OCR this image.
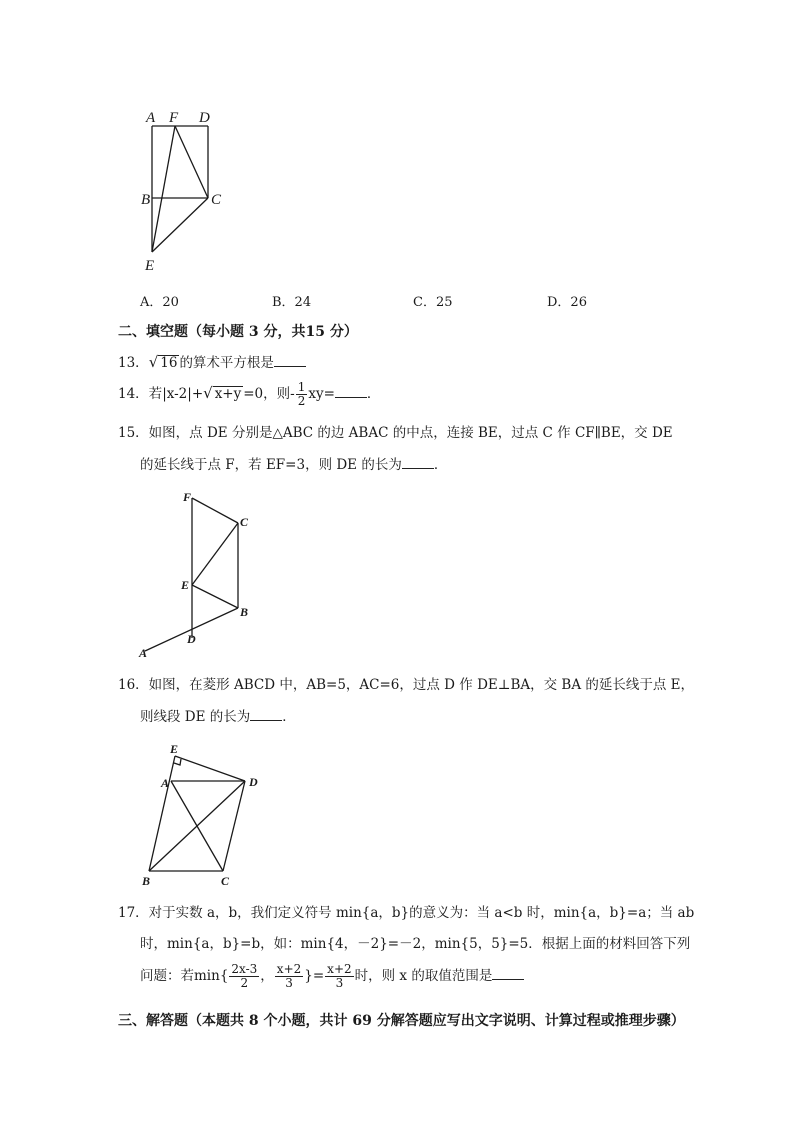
A F D
B	C
E
A．20	B．24	C．25	D．26
二、填空题（每小题 3 分，共15 分）
13．√ 16 的算术平方根是
14．若|x-2|+√ x+y =0，则- $\frac{1}{2} xy=$ ．
15．如图，点 DE 分别是△ABC 的边 ABAC 的中点，连接 BE，过点 C 作 CF∥BE，交 DE
的延长线于点 F，若 EF=3，则 DE 的长为 ．
F
C
E
B
D
A
16．如图，在菱形 ABCD 中，AB=5，AC=6，过点 D 作 DE⊥BA，交 BA 的延长线于点 E，
则线段 DE 的长为 ．
E
A	D
B	C
17．对于实数 a，b，我们定义符号 min{a，b}的意义为：当 a<b 时，min{a，b}=a；当 ab
时，min{a，b}=b，如：min{4，－2}=－2，min{5，5}=5．根据上面的材料回答下列
问题：若$\min\{ \frac{2x-3}{2}$ ， $\frac{x+2}{3}$ }= $\frac{x+2}{3}$ 时，则 x 的取值范围是
三、解答题（本题共 8 个小题，共计 69 分解答题应写出文字说明、计算过程或推理步骤）
